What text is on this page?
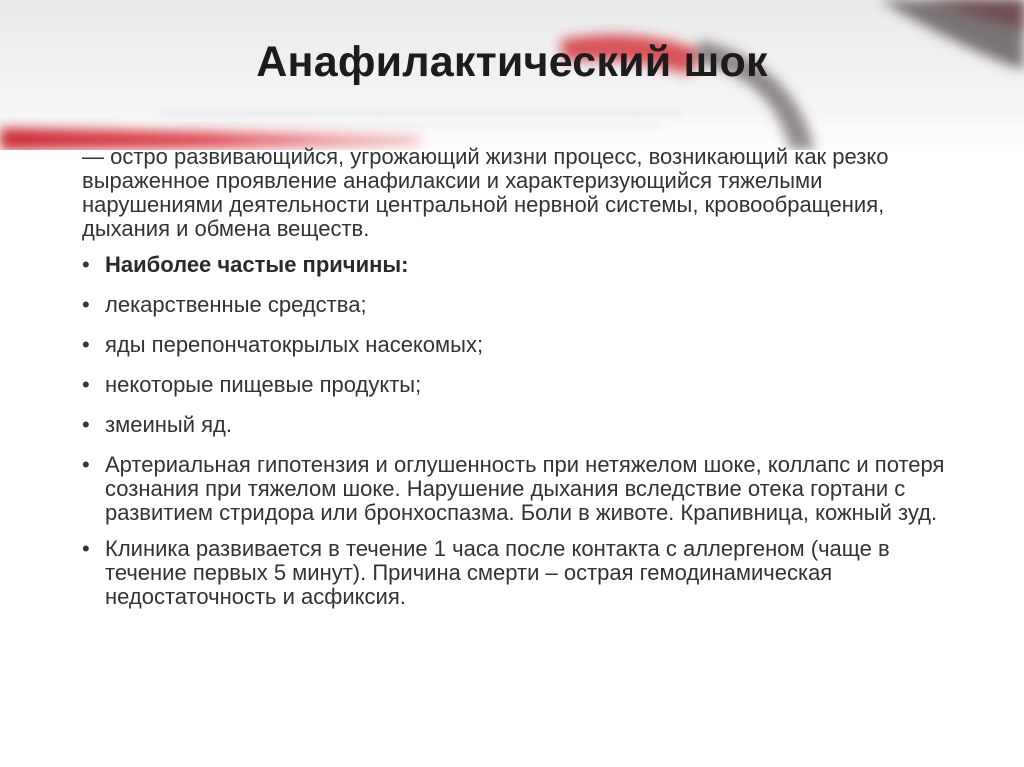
Анафилактический шок

— остро развивающийся, угрожающий жизни процесс, возникающий как резко выраженное проявление анафилаксии и характеризующийся тяжелыми нарушениями деятельности центральной нервной системы, кровообращения, дыхания и обмена веществ.

• Наиболее частые причины:
• лекарственные средства;
• яды перепончатокрылых насекомых;
• некоторые пищевые продукты;
• змеиный яд.
• Артериальная гипотензия и оглушенность при нетяжелом шоке, коллапс и потеря сознания при тяжелом шоке. Нарушение дыхания вследствие отека гортани с развитием стридора или бронхоспазма. Боли в животе. Крапивница, кожный зуд.
• Клиника развивается в течение 1 часа после контакта с аллергеном (чаще в течение первых 5 минут). Причина смерти – острая гемодинамическая недостаточность и асфиксия.
